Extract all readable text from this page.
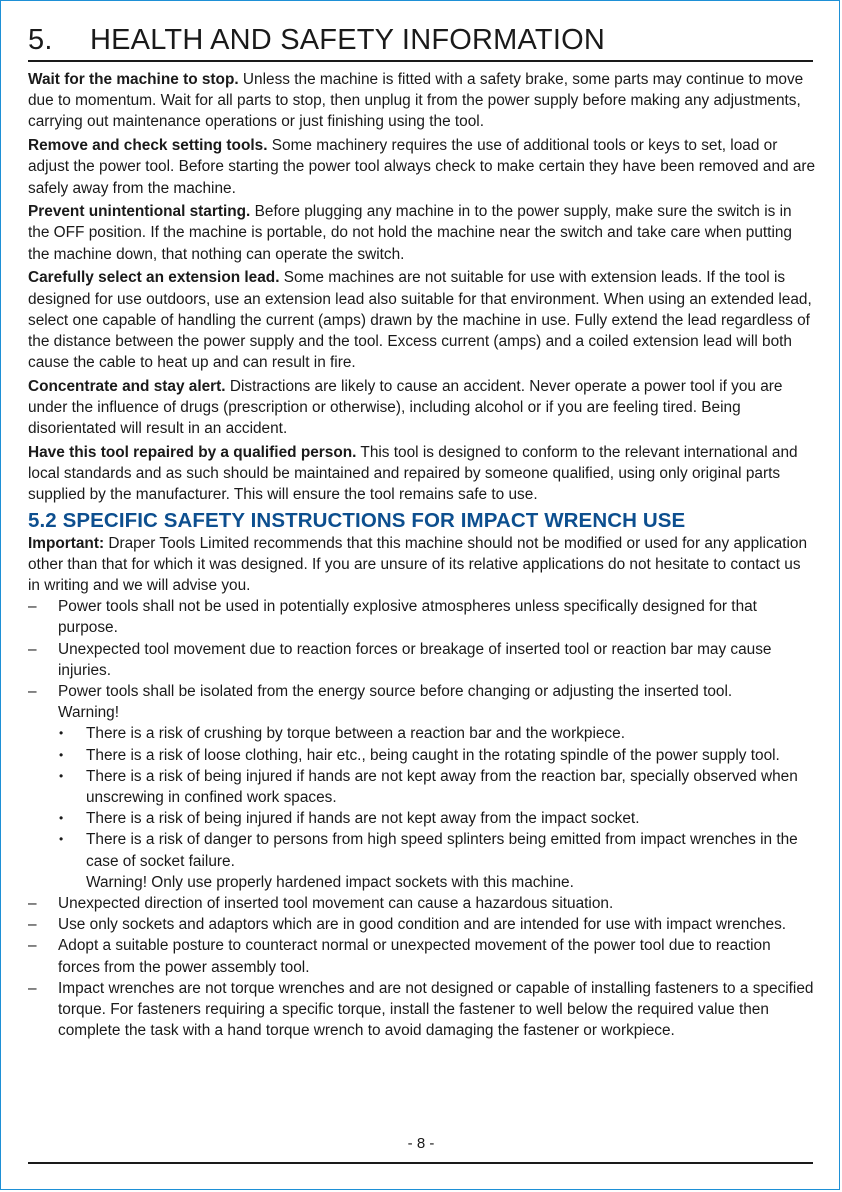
5. HEALTH AND SAFETY INFORMATION

Wait for the machine to stop. Unless the machine is fitted with a safety brake, some parts may continue to move due to momentum. Wait for all parts to stop, then unplug it from the power supply before making any adjustments, carrying out maintenance operations or just finishing using the tool.

Remove and check setting tools. Some machinery requires the use of additional tools or keys to set, load or adjust the power tool. Before starting the power tool always check to make certain they have been removed and are safely away from the machine.

Prevent unintentional starting. Before plugging any machine in to the power supply, make sure the switch is in the OFF position. If the machine is portable, do not hold the machine near the switch and take care when putting the machine down, that nothing can operate the switch.

Carefully select an extension lead. Some machines are not suitable for use with extension leads. If the tool is designed for use outdoors, use an extension lead also suitable for that environment. When using an extended lead, select one capable of handling the current (amps) drawn by the machine in use. Fully extend the lead regardless of the distance between the power supply and the tool. Excess current (amps) and a coiled extension lead will both cause the cable to heat up and can result in fire.

Concentrate and stay alert. Distractions are likely to cause an accident. Never operate a power tool if you are under the influence of drugs (prescription or otherwise), including alcohol or if you are feeling tired. Being disorientated will result in an accident.

Have this tool repaired by a qualified person. This tool is designed to conform to the relevant international and local standards and as such should be maintained and repaired by someone qualified, using only original parts supplied by the manufacturer. This will ensure the tool remains safe to use.

5.2 SPECIFIC SAFETY INSTRUCTIONS FOR IMPACT WRENCH USE

Important: Draper Tools Limited recommends that this machine should not be modified or used for any application other than that for which it was designed. If you are unsure of its relative applications do not hesitate to contact us in writing and we will advise you.

– Power tools shall not be used in potentially explosive atmospheres unless specifically designed for that purpose.
– Unexpected tool movement due to reaction forces or breakage of inserted tool or reaction bar may cause injuries.
– Power tools shall be isolated from the energy source before changing or adjusting the inserted tool.
Warning!
• There is a risk of crushing by torque between a reaction bar and the workpiece.
• There is a risk of loose clothing, hair etc., being caught in the rotating spindle of the power supply tool.
• There is a risk of being injured if hands are not kept away from the reaction bar, specially observed when unscrewing in confined work spaces.
• There is a risk of being injured if hands are not kept away from the impact socket.
• There is a risk of danger to persons from high speed splinters being emitted from impact wrenches in the case of socket failure.
Warning! Only use properly hardened impact sockets with this machine.
– Unexpected direction of inserted tool movement can cause a hazardous situation.
– Use only sockets and adaptors which are in good condition and are intended for use with impact wrenches.
– Adopt a suitable posture to counteract normal or unexpected movement of the power tool due to reaction forces from the power assembly tool.
– Impact wrenches are not torque wrenches and are not designed or capable of installing fasteners to a specified torque. For fasteners requiring a specific torque, install the fastener to well below the required value then complete the task with a hand torque wrench to avoid damaging the fastener or workpiece.
- 8 -
